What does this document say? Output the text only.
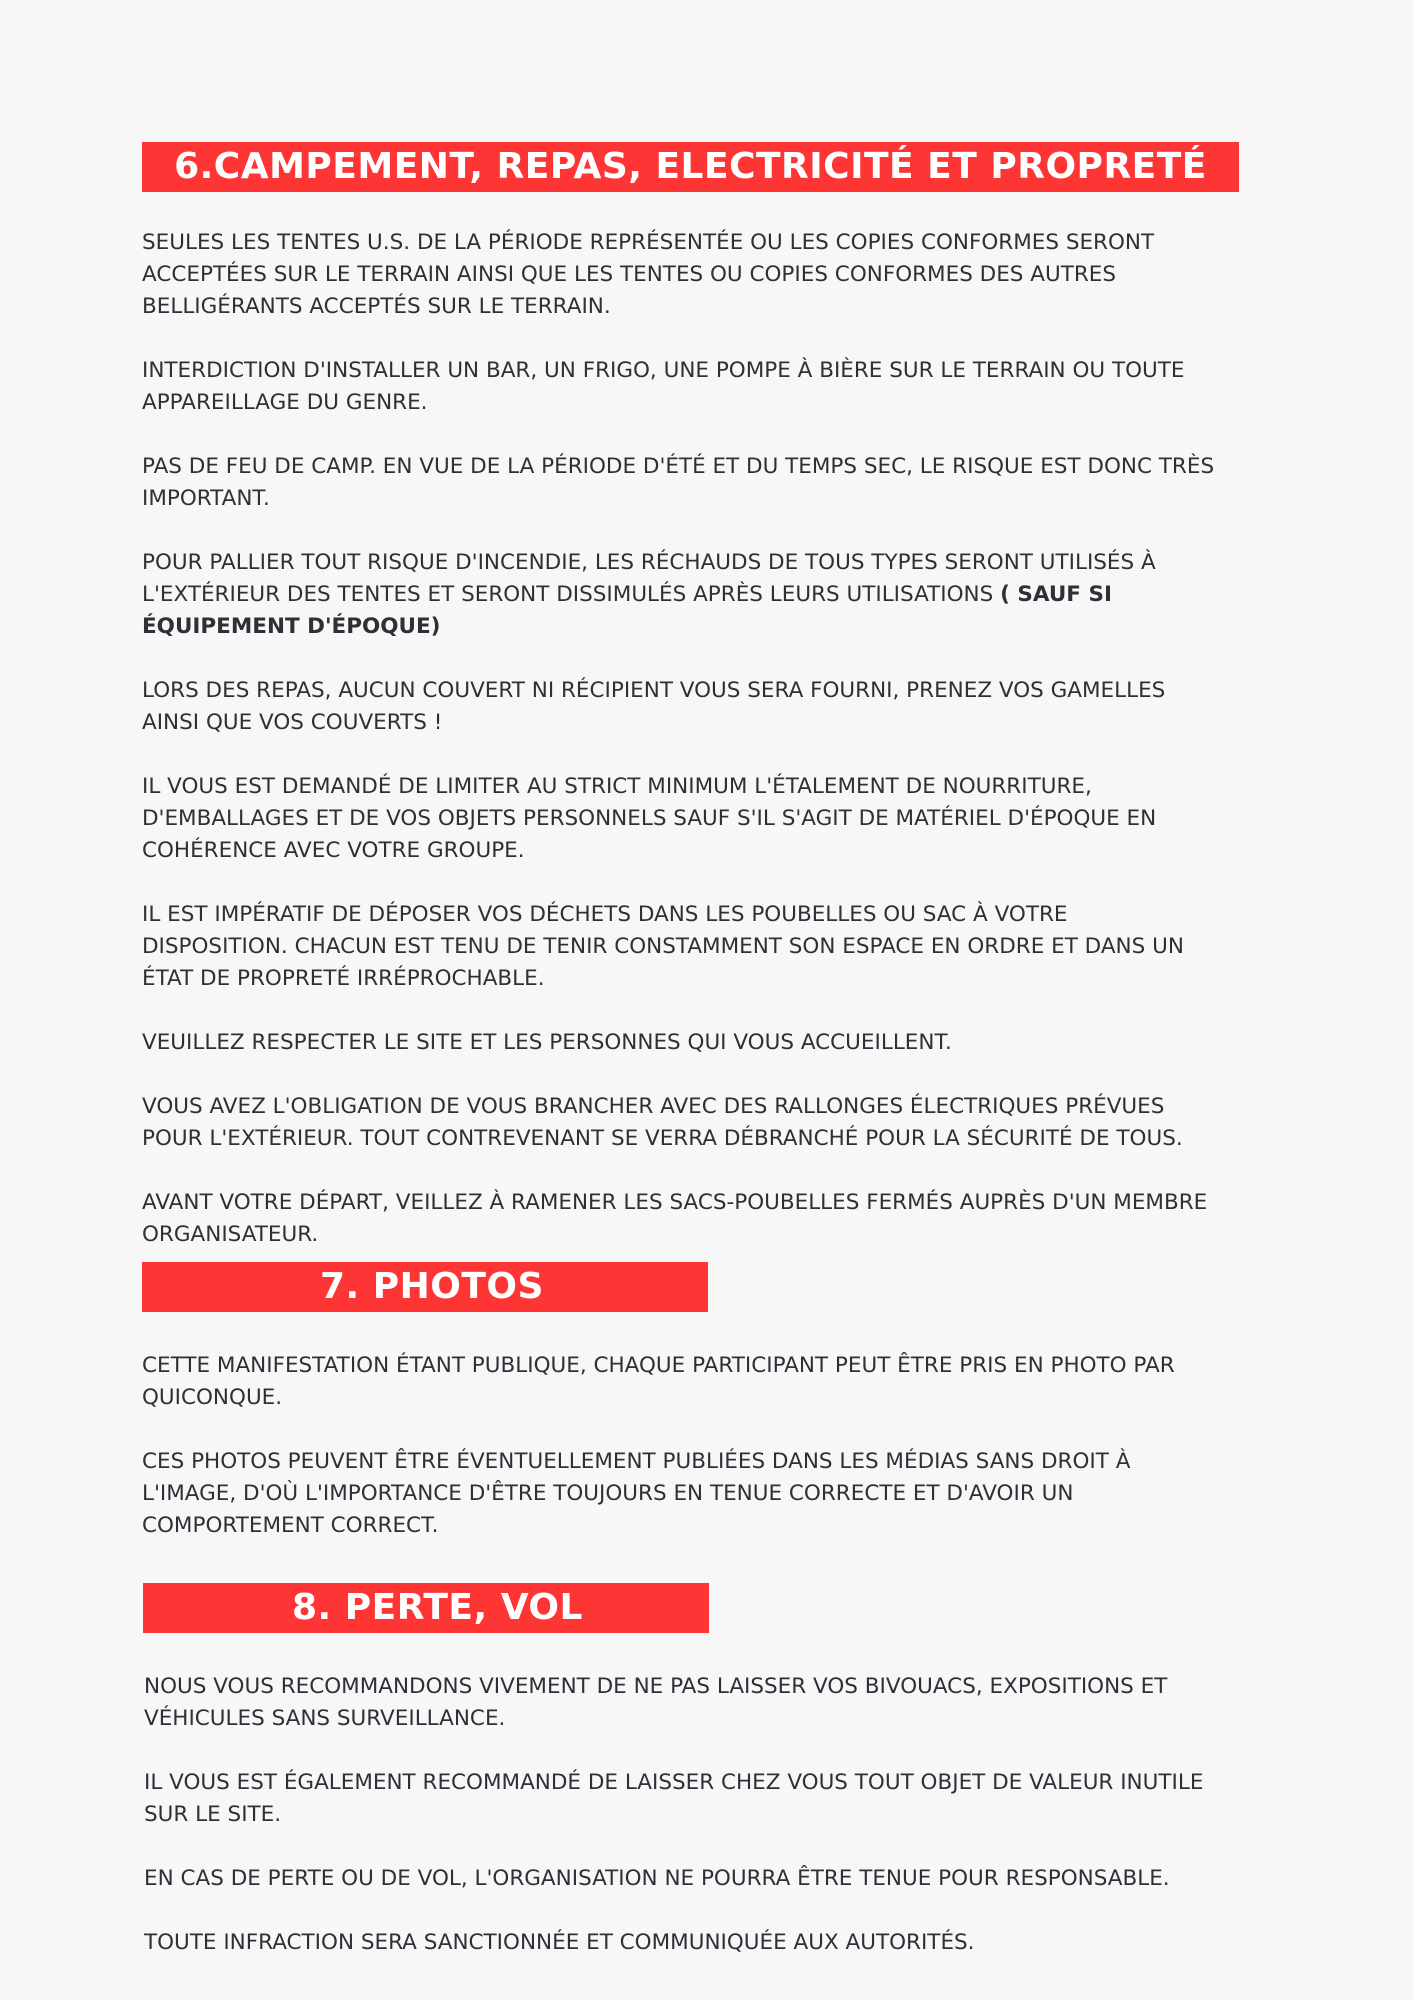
6.CAMPEMENT, REPAS, ELECTRICITÉ ET PROPRETÉ

SEULES LES TENTES U.S. DE LA PÉRIODE REPRÉSENTÉE OU LES COPIES CONFORMES SERONT
ACCEPTÉES SUR LE TERRAIN AINSI QUE LES TENTES OU COPIES CONFORMES DES AUTRES
BELLIGÉRANTS ACCEPTÉS SUR LE TERRAIN.

INTERDICTION D'INSTALLER UN BAR, UN FRIGO, UNE POMPE À BIÈRE SUR LE TERRAIN OU TOUTE
APPAREILLAGE DU GENRE.

PAS DE FEU DE CAMP. EN VUE DE LA PÉRIODE D'ÉTÉ ET DU TEMPS SEC, LE RISQUE EST DONC TRÈS
IMPORTANT.

POUR PALLIER TOUT RISQUE D'INCENDIE, LES RÉCHAUDS DE TOUS TYPES SERONT UTILISÉS À
L'EXTÉRIEUR DES TENTES ET SERONT DISSIMULÉS APRÈS LEURS UTILISATIONS ( SAUF SI
ÉQUIPEMENT D'ÉPOQUE)

LORS DES REPAS, AUCUN COUVERT NI RÉCIPIENT VOUS SERA FOURNI, PRENEZ VOS GAMELLES
AINSI QUE VOS COUVERTS !

IL VOUS EST DEMANDÉ DE LIMITER AU STRICT MINIMUM L'ÉTALEMENT DE NOURRITURE,
D'EMBALLAGES ET DE VOS OBJETS PERSONNELS SAUF S'IL S'AGIT DE MATÉRIEL D'ÉPOQUE EN
COHÉRENCE AVEC VOTRE GROUPE.

IL EST IMPÉRATIF DE DÉPOSER VOS DÉCHETS DANS LES POUBELLES OU SAC À VOTRE
DISPOSITION. CHACUN EST TENU DE TENIR CONSTAMMENT SON ESPACE EN ORDRE ET DANS UN
ÉTAT DE PROPRETÉ IRRÉPROCHABLE.

VEUILLEZ RESPECTER LE SITE ET LES PERSONNES QUI VOUS ACCUEILLENT.

VOUS AVEZ L'OBLIGATION DE VOUS BRANCHER AVEC DES RALLONGES ÉLECTRIQUES PRÉVUES
POUR L'EXTÉRIEUR. TOUT CONTREVENANT SE VERRA DÉBRANCHÉ POUR LA SÉCURITÉ DE TOUS.

AVANT VOTRE DÉPART, VEILLEZ À RAMENER LES SACS-POUBELLES FERMÉS AUPRÈS D'UN MEMBRE
ORGANISATEUR.

7. PHOTOS

CETTE MANIFESTATION ÉTANT PUBLIQUE, CHAQUE PARTICIPANT PEUT ÊTRE PRIS EN PHOTO PAR
QUICONQUE.

CES PHOTOS PEUVENT ÊTRE ÉVENTUELLEMENT PUBLIÉES DANS LES MÉDIAS SANS DROIT À
L'IMAGE, D'OÙ L'IMPORTANCE D'ÊTRE TOUJOURS EN TENUE CORRECTE ET D'AVOIR UN
COMPORTEMENT CORRECT.

8. PERTE, VOL

NOUS VOUS RECOMMANDONS VIVEMENT DE NE PAS LAISSER VOS BIVOUACS, EXPOSITIONS ET
VÉHICULES SANS SURVEILLANCE.

IL VOUS EST ÉGALEMENT RECOMMANDÉ DE LAISSER CHEZ VOUS TOUT OBJET DE VALEUR INUTILE
SUR LE SITE.

EN CAS DE PERTE OU DE VOL, L'ORGANISATION NE POURRA ÊTRE TENUE POUR RESPONSABLE.

TOUTE INFRACTION SERA SANCTIONNÉE ET COMMUNIQUÉE AUX AUTORITÉS.
